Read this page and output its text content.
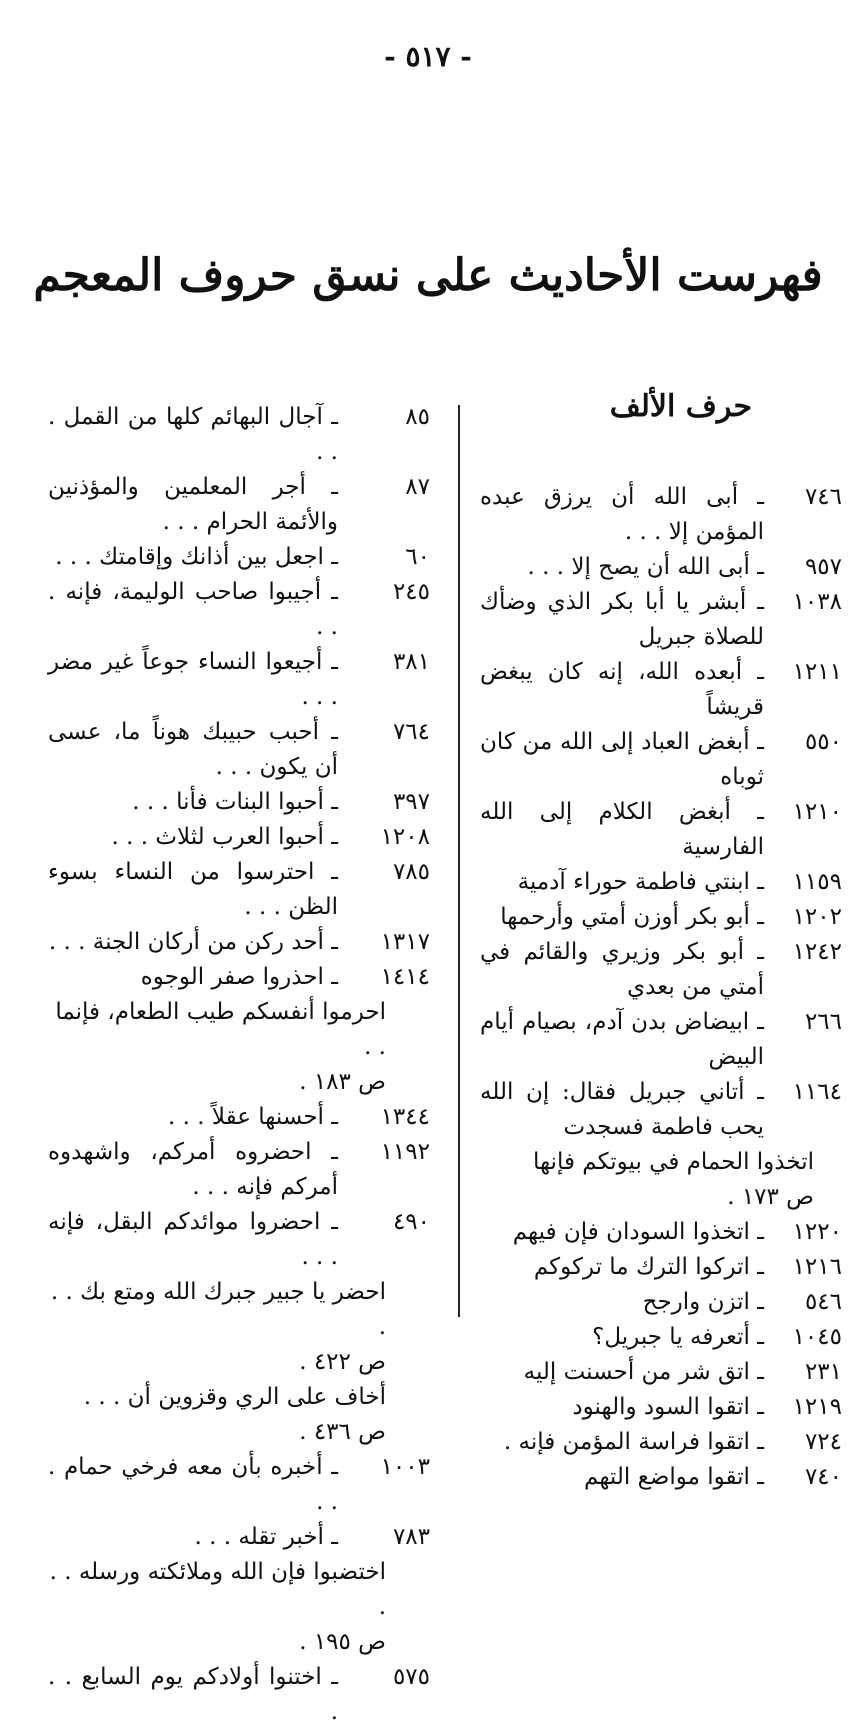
- ٥١٧ -
فهرست الأحاديث على نسق حروف المعجم
حرف الألف
٧٤٦
ـ أبى الله أن يرزق عبده المؤمن إلا . . .
٩٥٧
ـ أبى الله أن يصح إلا . . .
١٠٣٨
ـ أبشر يا أبا بكر الذي وضأك للصلاة جبريل
١٢١١
ـ أبعده الله، إنه كان يبغض قريشاً
٥٥٠
ـ أبغض العباد إلى الله من كان ثوباه
١٢١٠
ـ أبغض الكلام إلى الله الفارسية
١١٥٩
ـ ابنتي فاطمة حوراء آدمية
١٢٠٢
ـ أبو بكر أوزن أمتي وأرحمها
١٢٤٢
ـ أبو بكر وزيري والقائم في أمتي من بعدي
٢٦٦
ـ ابيضاض بدن آدم، بصيام أيام البيض
١١٦٤
ـ أتاني جبريل فقال: إن الله يحب فاطمة فسجدت
اتخذوا الحمام في بيوتكم فإنها
ص ١٧٣ .
١٢٢٠
ـ اتخذوا السودان فإن فيهم
١٢١٦
ـ اتركوا الترك ما تركوكم
٥٤٦
ـ اتزن وارجح
١٠٤٥
ـ أتعرفه يا جبريل؟
٢٣١
ـ اتق شر من أحسنت إليه
١٢١٩
ـ اتقوا السود والهنود
٧٢٤
ـ اتقوا فراسة المؤمن فإنه .
٧٤٠
ـ اتقوا مواضع التهم
٨٥
ـ آجال البهائم كلها من القمل . . .
٨٧
ـ أجر المعلمين والمؤذنين والأئمة الحرام . . .
٦٠
ـ اجعل بين أذانك وإقامتك . . .
٢٤٥
ـ أجيبوا صاحب الوليمة، فإنه . . .
٣٨١
ـ أجيعوا النساء جوعاً غير مضر . . .
٧٦٤
ـ أحبب حبيبك هوناً ما، عسى أن يكون . . .
٣٩٧
ـ أحبوا البنات فأنا . . .
١٢٠٨
ـ أحبوا العرب لثلاث . . .
٧٨٥
ـ احترسوا من النساء بسوء الظن . . .
١٣١٧
ـ أحد ركن من أركان الجنة . . .
١٤١٤
ـ احذروا صفر الوجوه
احرموا أنفسكم طيب الطعام، فإنما . .
ص ١٨٣ .
١٣٤٤
ـ أحسنها عقلاً . . .
١١٩٢
ـ احضروه أمركم، واشهدوه أمركم فإنه . . .
٤٩٠
ـ احضروا موائدكم البقل، فإنه . . .
احضر يا جبير جبرك الله ومتع بك . . .
ص ٤٢٢ .
أخاف على الري وقزوين أن . . .
ص ٤٣٦ .
١٠٠٣
ـ أخبره بأن معه فرخي حمام . . .
٧٨٣
ـ أخبر تقله . . .
اختضبوا فإن الله وملائكته ورسله . . .
ص ١٩٥ .
٥٧٥
ـ اختنوا أولادكم يوم السابع . . .
